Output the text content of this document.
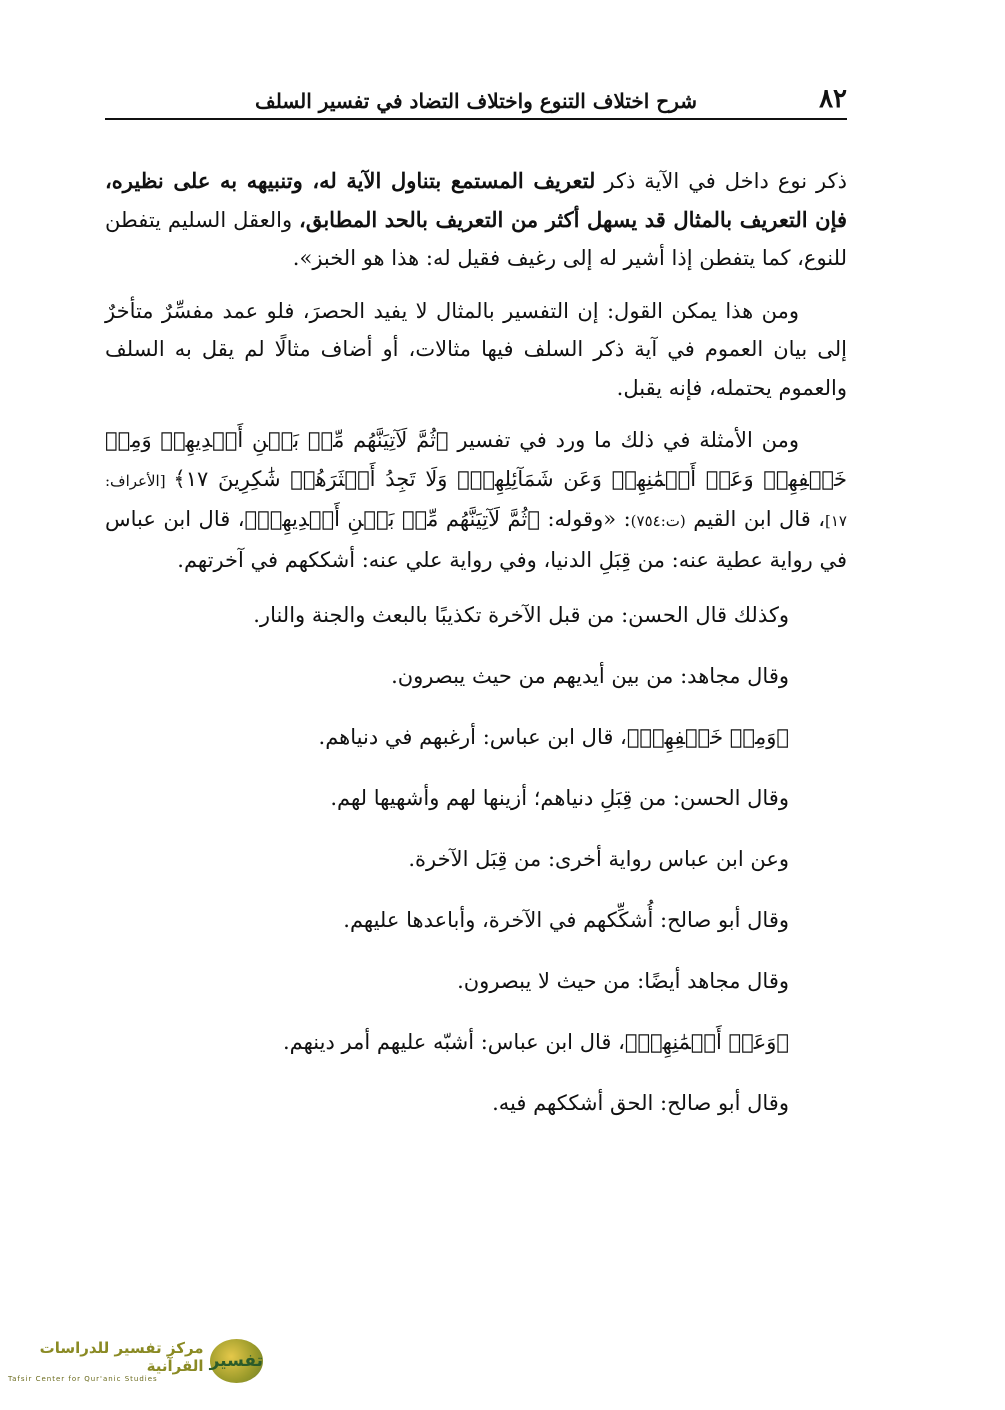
٨٢
شرح اختلاف التنوع واختلاف التضاد في تفسير السلف

ذكر نوع داخل في الآية ذكر لتعريف المستمع بتناول الآية له، وتنبيهه به على نظيره، فإن التعريف بالمثال قد يسهل أكثر من التعريف بالحد المطابق، والعقل السليم يتفطن للنوع، كما يتفطن إذا أشير له إلى رغيف فقيل له: هذا هو الخبز».

ومن هذا يمكن القول: إن التفسير بالمثال لا يفيد الحصرَ، فلو عمد مفسِّرٌ متأخرٌ إلى بيان العموم في آية ذكر السلف فيها مثالات، أو أضاف مثالًا لم يقل به السلف والعموم يحتمله، فإنه يقبل.

ومن الأمثلة في ذلك ما ورد في تفسير ﴿ثُمَّ لَآتِيَنَّهُم مِّنۢ بَيۡنِ أَيۡدِيهِمۡ وَمِنۡ خَلۡفِهِمۡ وَعَنۡ أَيۡمَٰنِهِمۡ وَعَن شَمَآئِلِهِمۡۖ وَلَا تَجِدُ أَكۡثَرَهُمۡ شَٰكِرِينَ ١٧﴾ [الأعراف: ١٧]، قال ابن القيم (ت:٧٥٤): «وقوله: ﴿ثُمَّ لَآتِيَنَّهُم مِّنۢ بَيۡنِ أَيۡدِيهِمۡ﴾، قال ابن عباس في رواية عطية عنه: من قِبَلِ الدنيا، وفي رواية علي عنه: أشككهم في آخرتهم.

وكذلك قال الحسن: من قبل الآخرة تكذيبًا بالبعث والجنة والنار.

وقال مجاهد: من بين أيديهم من حيث يبصرون.

﴿وَمِنۡ خَلۡفِهِمۡ﴾، قال ابن عباس: أرغبهم في دنياهم.

وقال الحسن: من قِبَلِ دنياهم؛ أزينها لهم وأشهيها لهم.

وعن ابن عباس رواية أخرى: من قِبَل الآخرة.

وقال أبو صالح: أُشكِّكهم في الآخرة، وأباعدها عليهم.

وقال مجاهد أيضًا: من حيث لا يبصرون.

﴿وَعَنۡ أَيۡمَٰنِهِمۡ﴾، قال ابن عباس: أشبّه عليهم أمر دينهم.

وقال أبو صالح: الحق أشككهم فيه.

مركز تفسير للدراسات القرآنية
Tafsir Center for Qur'anic Studies
تفسير
